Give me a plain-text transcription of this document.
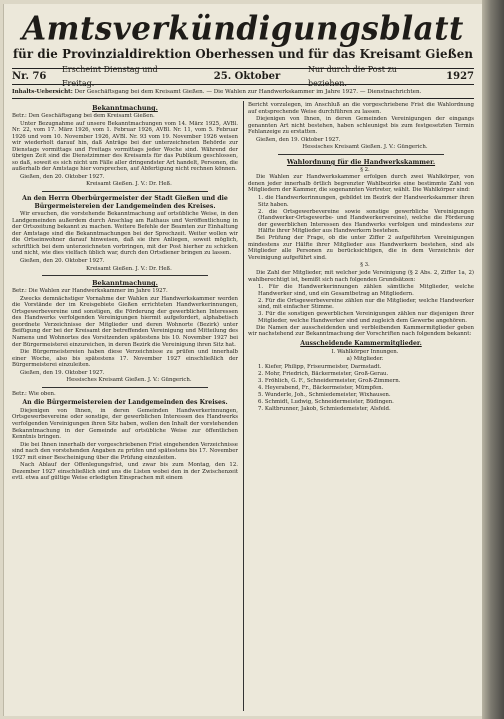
Amtsverkündigungsblatt
für die Provinzialdirektion Oberhessen und für das Kreisamt Gießen
Nr. 76
Erscheint Dienstag und Freitag.
25. Oktober
Nur durch die Post zu beziehen.
1927
Inhalts-Uebersicht: Der Geschäftsgang bei dem Kreisamt Gießen. — Die Wahlen zur Handwerkskammer im Jahre 1927. — Dienstnachrichten.
Bekanntmachung.

Betr.: Den Geschäftsgang bei dem Kreisamt Gießen.

Unter Bezugnahme auf unsere Bekanntmachungen vom 14. März 1925, AVBl. Nr. 22, vom 17. März 1926, vom 1. Februar 1926, AVBl. Nr. 11, vom 5. Februar 1926 und vom 10. November 1926, AVBl. Nr. 93 vom 19. November 1926 weisen wir wiederholt darauf hin, daß Anträge bei der unterzeichneten Behörde zur Dienstags vormittags und Freitags vormittags jeder Woche sind. Während der übrigen Zeit sind die Dienstzimmer des Kreisamts für das Publikum geschlossen, so daß, soweit es sich nicht um Fälle aller dringendster Art handelt, Personen, die außerhalb der Amtstage hier vorsprechen, auf Abfertigung nicht rechnen können.

Gießen, den 20. Oktober 1927.

Kreisamt Gießen. J. V.: Dr. Heß.

An den Herrn Oberbürgermeister der Stadt Gießen und die Bürgermeistereien der Landgemeinden des Kreises.

Wir ersuchen, die vorstehende Bekanntmachung auf ortsübliche Weise, in den Landgemeinden außerdem durch Anschlag am Rathaus und Veröffentlichung in der Ortszeitung bekannt zu machen. Weitere Befehle der Beamten zur Einhaltung der Amtstage sind die Bekanntmachungen bei der Sprechzeit. Weiter wollen wir die Ortseinwohner darauf hinweisen, daß sie ihre Anliegen, soweit möglich, schriftlich bei dem unterzeichneten vorbringen, mit der Post hierher zu schicken und nicht, wie dies vielfach üblich war, durch den Ortsdiener bringen zu lassen.

Gießen, den 20. Oktober 1927.

Kreisamt Gießen. J. V.: Dr. Heß.

Bekanntmachung.

Betr.: Die Wahlen zur Handwerkskammer im Jahre 1927.

Zwecks demnächstiger Vornahme der Wahlen zur Handwerkskammer werden die Vorstände der im Kreisgebiete Gießen errichteten Handwerkerinnungen, Ortsgewerbevereine und sonstigen, die Förderung der gewerblichen Interessen des Handwerks verfolgenden Vereinigungen hiermit aufgefordert, alphabetisch geordnete Verzeichnisse der Mitglieder und deren Wohnorte (Bezirk) unter Beifügung der bei der Kreisamt der betreffenden Vereinigung und Mitteilung des Namens und Wohnortes des Vorsitzenden spätestens bis 10. November 1927 bei der Bürgermeisterei einzureichen, in deren Bezirk die Vereinigung ihren Sitz hat.

Die Bürgermeistereien haben diese Verzeichnisse zu prüfen und innerhalb einer Woche, also bis spätestens 17. November 1927 einschließlich der Bürgermeisterei einzuleiten.

Gießen, den 19. Oktober 1927.

Hessisches Kreisamt Gießen. J. V.: Güngerich.

Betr.: Wie oben.

An die Bürgermeistereien der Landgemeinden des Kreises.

Diejenigen von Ihnen, in deren Gemeinden Handwerkerinnungen, Ortsgewerbevereine oder sonstige, der gewerblichen Interessen des Handwerks verfolgenden Vereinigungen ihren Sitz haben, wollen den Inhalt der vorstehenden Bekanntmachung in der Gemeinde auf ortsübliche Weise zur öffentlichen Kenntnis bringen.

Die bei Ihnen innerhalb der vorgeschriebenen Frist eingehenden Verzeichnisse sind nach den vorstehenden Angaben zu prüfen und spätestens bis 17. November 1927 mit einer Bescheinigung über die Prüfung einzuleiten.

Nach Ablauf der Offenlegungsfrist, und zwar bis zum Montag, den 12. Dezember 1927 einschließlich sind uns die Listen wobei den in der Zwischenzeit evtl. etwa auf gültige Weise erledigten Einsprachen mit einem

Bericht vorzulegen, im Anschluß an die vorgeschriebene Frist die Wahlordnung auf entsprechende Weise durchführen zu lassen.

Diejenigen von Ihnen, in deren Gemeinden Vereinigungen der eingangs genannten Art nicht bestehen, haben schleunigst bis zum festgesetzten Termin Fehlanzeige zu erstatten.

Gießen, den 19. Oktober 1927.

Hessisches Kreisamt Gießen. J. V.: Güngerich.

Wahlordnung für die Handwerkskammer.

§ 2.

Die Wahlen zur Handwerkskammer erfolgen durch zwei Wahlkörper, von denen jeder innerhalb örtlich begrenzter Wahlbezirke eine bestimmte Zahl von Mitgliedern der Kammer, die sogenannten Vertreter, wählt. Die Wahlkörper sind:

1. die Handwerkerinnungen, gebildet im Bezirk der Handwerkskammer ihren Sitz haben.
2. die Ortsgewerbevereine sowie sonstige gewerbliche Vereinigungen (Handwerker-Ortsgewerbe- und Handwerkervereine), welche die Förderung der gewerblichen Interessen des Handwerks verfolgen und mindestens zur Hälfte ihrer Mitglieder aus Handwerkern bestehen.

Bei Prüfung der Frage, ob die unter Ziffer 2 aufgeführten Vereinigungen mindestens zur Hälfte ihrer Mitglieder aus Handwerkern bestehen, sind als Mitglieder alle Personen zu berücksichtigen, die in dem Verzeichnis der Vereinigung aufgeführt sind.

§ 3.

Die Zahl der Mitglieder, mit welcher jede Vereinigung (§ 2 Abs. 2, Ziffer 1a, 2) wahlberechtigt ist, bemißt sich nach folgenden Grundsätzen:

1. Für die Handwerkerinnungen zählen sämtliche Mitglieder, welche Handwerker sind, und ein Gesamtbetrag an Mitgliedern.
2. Für die Ortsgewerbevereine zählen nur die Mitglieder, welche Handwerker sind, mit einfacher Stimme.
3. Für die sonstigen gewerblichen Vereinigungen zählen nur diejenigen ihrer Mitglieder, welche Handwerker sind und zugleich dem Gewerbe angehören.

Die Namen der ausscheidenden und verbleibenden Kammermitglieder geben wir nachstehend zur Bekanntmachung der Vorschriften nach folgendem bekannt:

Ausscheidende Kammermitglieder.

I. Wahlkörper Innungen.

a) Mitglieder.

1. Kiefer, Philipp, Friseurmeister, Darmstadt.
2. Mohr, Friedrich, Bäckermeister, Groß-Gerau.
3. Fröhlich, G. F., Schneidermeister, Groß-Zimmern.
4. Heyerabend, Fr., Bäckermeister, Mümpfen.
5. Wunderle, Joh., Schmiedemeister, Wixhausen.
6. Schmidt, Ludwig, Schneidermeister, Büdingen.
7. Kaltbrunner, Jakob, Schmiedemeister, Alsfeld.
